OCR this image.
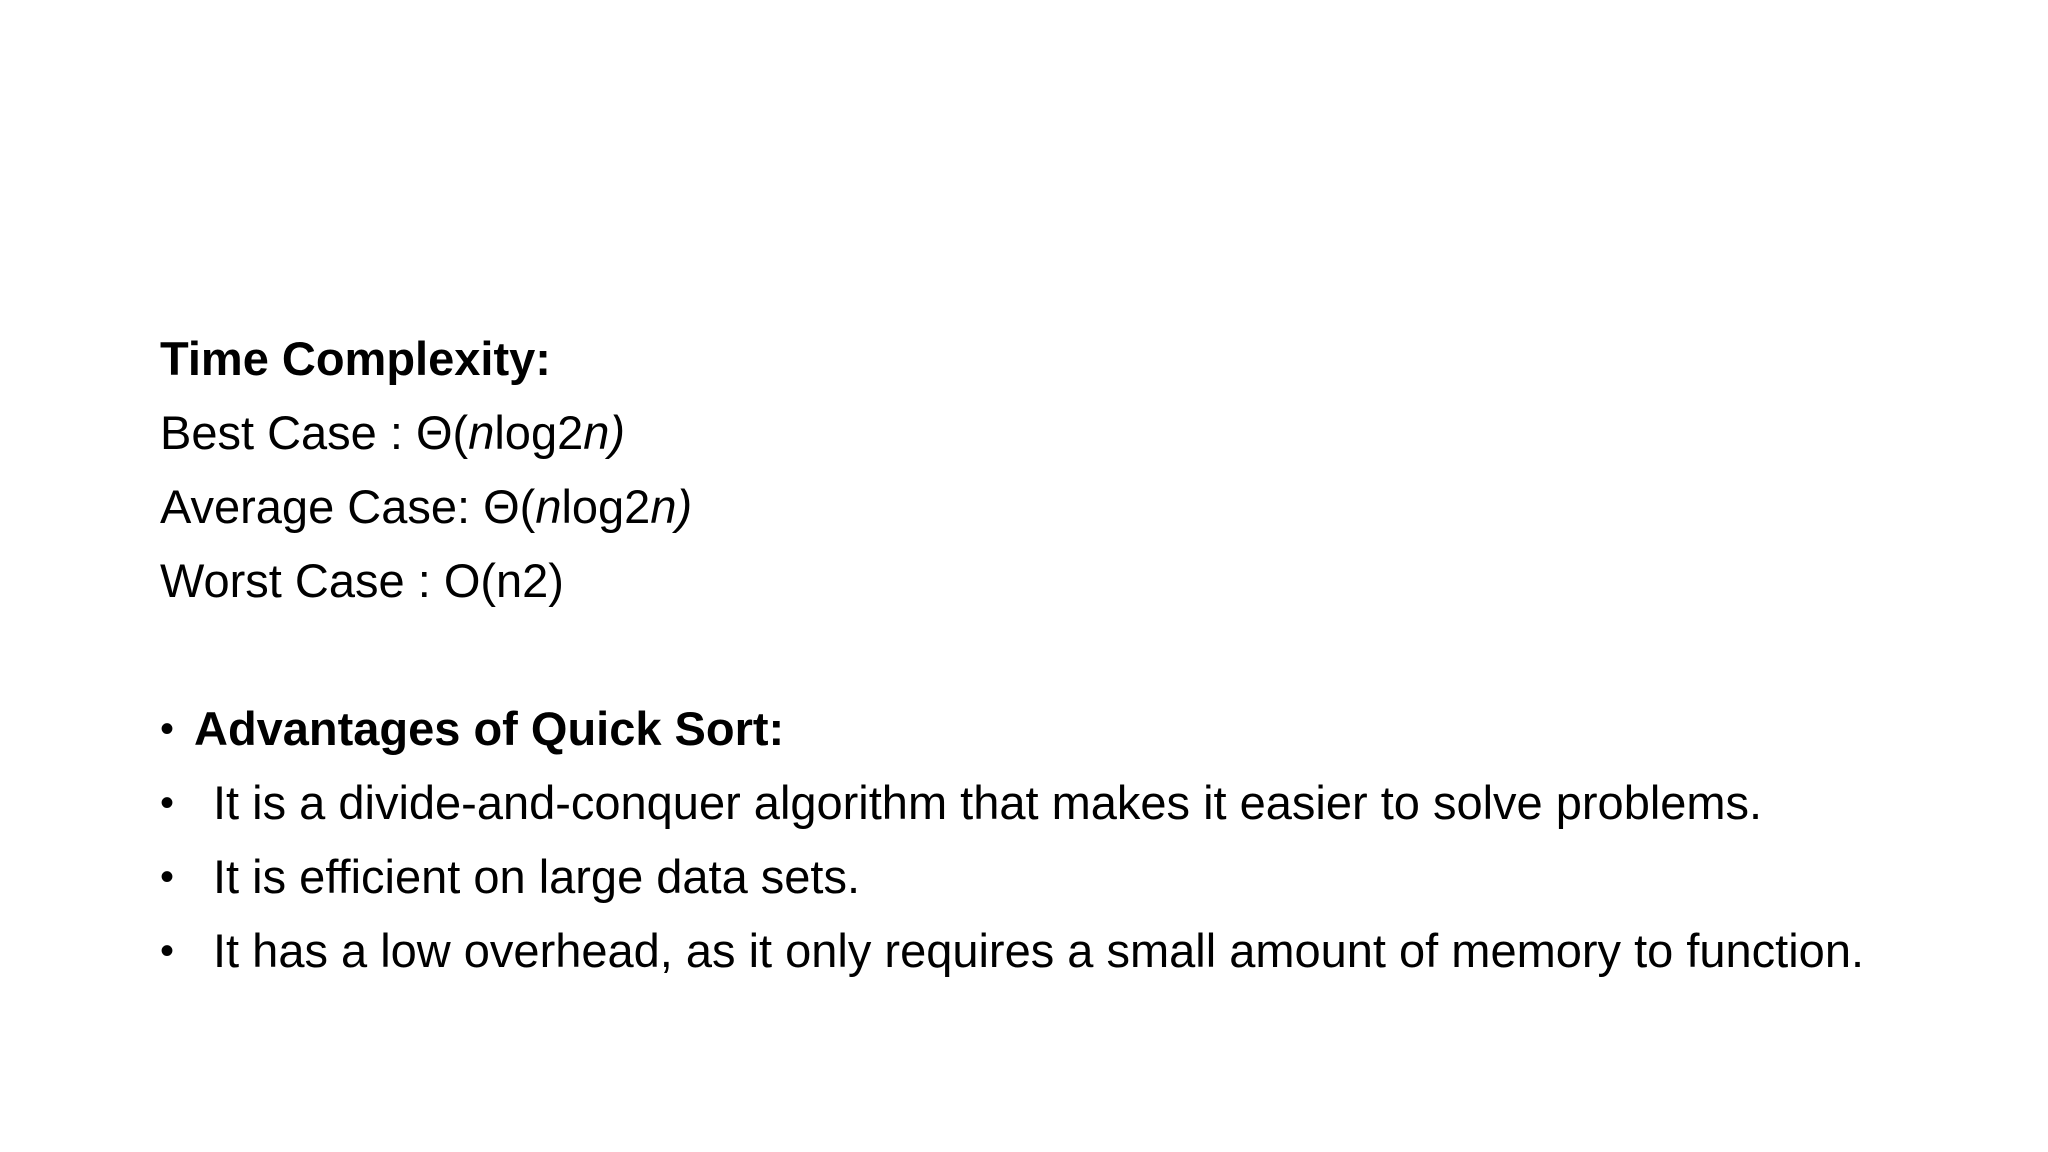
Time Complexity:
Best Case : Θ(nlog2n)
Average Case: Θ(nlog2n)
Worst Case : O(n2)
• Advantages of Quick Sort:
• It is a divide-and-conquer algorithm that makes it easier to solve problems.
• It is efficient on large data sets.
• It has a low overhead, as it only requires a small amount of memory to function.
